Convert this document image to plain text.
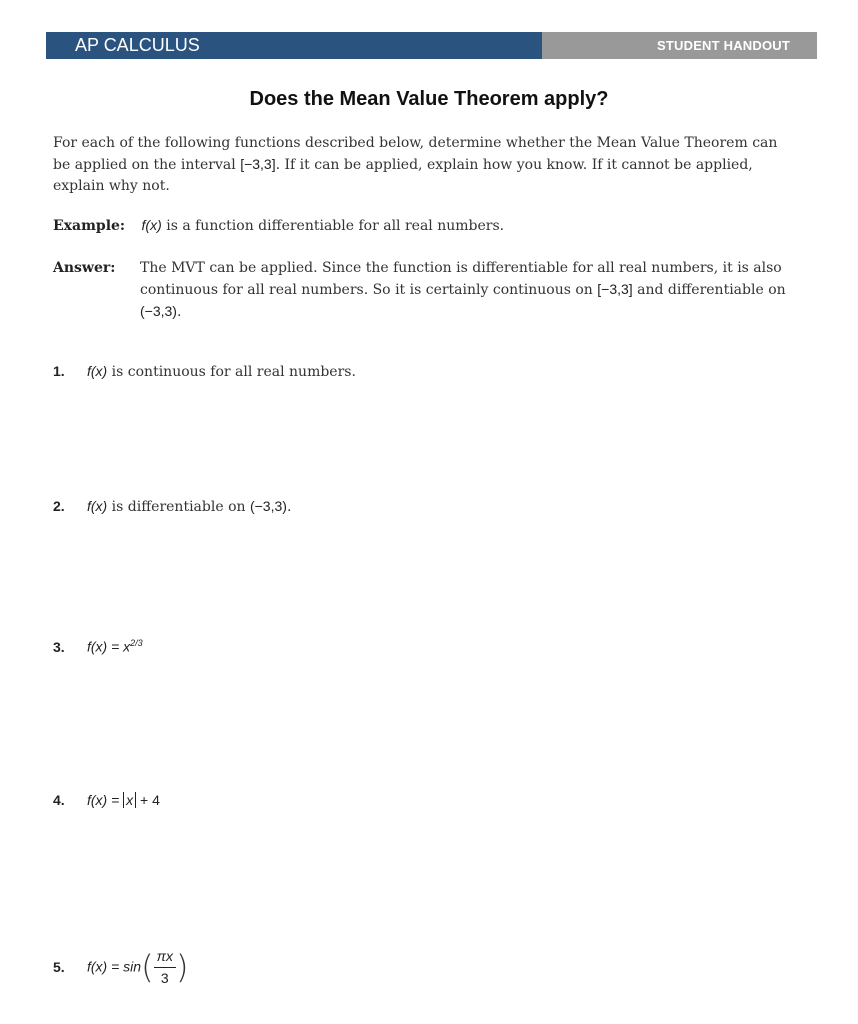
AP CALCULUS	STUDENT HANDOUT
Does the Mean Value Theorem apply?
For each of the following functions described below, determine whether the Mean Value Theorem can be applied on the interval [−3,3]. If it can be applied, explain how you know. If it cannot be applied, explain why not.
Example: f(x) is a function differentiable for all real numbers.
Answer: The MVT can be applied. Since the function is differentiable for all real numbers, it is also continuous for all real numbers. So it is certainly continuous on [−3,3] and differentiable on (−3,3).
1. f(x) is continuous for all real numbers.
2. f(x) is differentiable on (−3,3).
3. $f(x) = x^{2/3}$
4. f(x) = x + 4
5. $f(x) = \sin( \frac{\pi x}{3}$ )
